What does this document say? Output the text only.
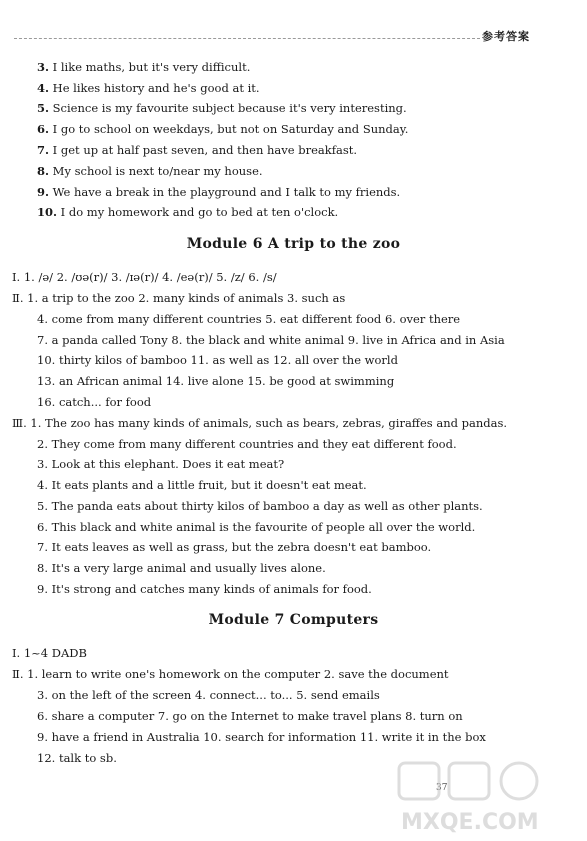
参考答案
3. I like maths, but it's very difficult.
4. He likes history and he's good at it.
5. Science is my favourite subject because it's very interesting.
6. I go to school on weekdays, but not on Saturday and Sunday.
7. I get up at half past seven, and then have breakfast.
8. My school is next to/near my house.
9. We have a break in the playground and I talk to my friends.
10. I do my homework and go to bed at ten o'clock.
Module 6 A trip to the zoo
Ⅰ. 1. /ə/ 2. /ʊə(r)/ 3. /ɪə(r)/ 4. /eə(r)/ 5. /z/ 6. /s/
Ⅱ. 1. a trip to the zoo 2. many kinds of animals 3. such as
4. come from many different countries 5. eat different food 6. over there
7. a panda called Tony 8. the black and white animal 9. live in Africa and in Asia
10. thirty kilos of bamboo 11. as well as 12. all over the world
13. an African animal 14. live alone 15. be good at swimming
16. catch... for food
Ⅲ. 1. The zoo has many kinds of animals, such as bears, zebras, giraffes and pandas.
2. They come from many different countries and they eat different food.
3. Look at this elephant. Does it eat meat?
4. It eats plants and a little fruit, but it doesn't eat meat.
5. The panda eats about thirty kilos of bamboo a day as well as other plants.
6. This black and white animal is the favourite of people all over the world.
7. It eats leaves as well as grass, but the zebra doesn't eat bamboo.
8. It's a very large animal and usually lives alone.
9. It's strong and catches many kinds of animals for food.
Module 7 Computers
Ⅰ. 1~4 DADB
Ⅱ. 1. learn to write one's homework on the computer 2. save the document
3. on the left of the screen 4. connect... to... 5. send emails
6. share a computer 7. go on the Internet to make travel plans 8. turn on
9. have a friend in Australia 10. search for information 11. write it in the box
12. talk to sb.
37
MXQE.COM
